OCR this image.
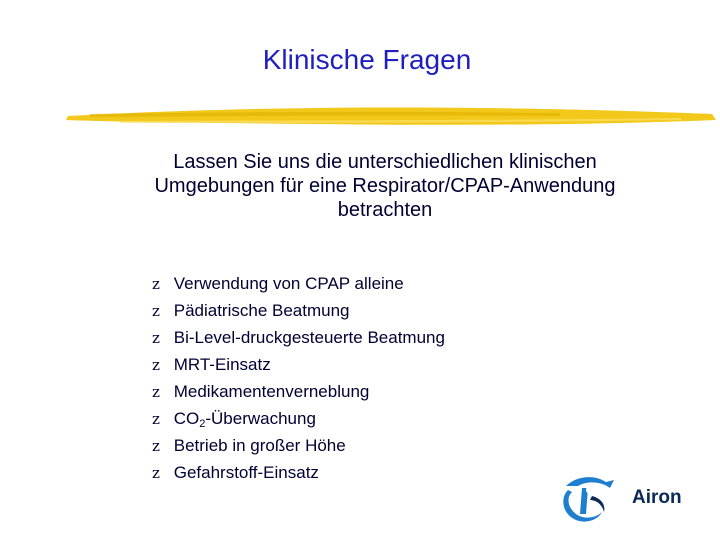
Klinische Fragen
Lassen Sie uns die unterschiedlichen klinischen Umgebungen für eine Respirator/CPAP-Anwendung betrachten
z Verwendung von CPAP alleine
z Pädiatrische Beatmung
z Bi-Level-druckgesteuerte Beatmung
z MRT-Einsatz
z Medikamentenverneblung
z $CO_2$-Überwachung
z Betrieb in großer Höhe
z Gefahrstoff-Einsatz
Airon
